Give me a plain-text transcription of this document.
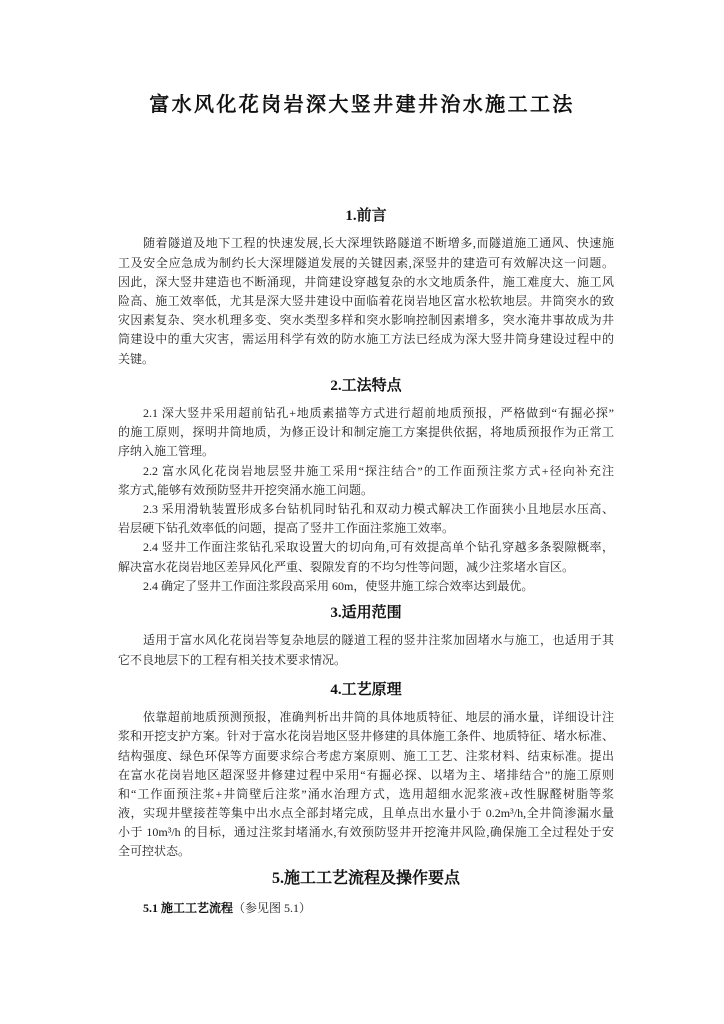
富水风化花岗岩深大竖井建井治水施工工法
1.前言
随着隧道及地下工程的快速发展,长大深埋铁路隧道不断增多,而隧道施工通风、快速施
工及安全应急成为制约长大深埋隧道发展的关键因素,深竖井的建造可有效解决这一问题。
因此，深大竖井建造也不断涌现，井筒建设穿越复杂的水文地质条件，施工难度大、施工风
险高、施工效率低，尤其是深大竖井建设中面临着花岗岩地区富水松软地层。井筒突水的致
灾因素复杂、突水机理多变、突水类型多样和突水影响控制因素增多，突水淹井事故成为井
筒建设中的重大灾害，需运用科学有效的防水施工方法已经成为深大竖井筒身建设过程中的
关键。
2.工法特点
2.1 深大竖井采用超前钻孔+地质素描等方式进行超前地质预报，严格做到“有掘必探”
的施工原则，探明井筒地质，为修正设计和制定施工方案提供依据，将地质预报作为正常工
序纳入施工管理。
2.2 富水风化花岗岩地层竖井施工采用“探注结合”的工作面预注浆方式+径向补充注
浆方式,能够有效预防竖井开挖突涌水施工问题。
2.3 采用滑轨装置形成多台钻机同时钻孔和双动力模式解决工作面狭小且地层水压高、
岩层硬下钻孔效率低的问题，提高了竖井工作面注浆施工效率。
2.4 竖井工作面注浆钻孔采取设置大的切向角,可有效提高单个钻孔穿越多条裂隙概率，
解决富水花岗岩地区差异风化严重、裂隙发育的不均匀性等问题，减少注浆堵水盲区。
2.4 确定了竖井工作面注浆段高采用 60m，使竖井施工综合效率达到最优。
3.适用范围
适用于富水风化花岗岩等复杂地层的隧道工程的竖井注浆加固堵水与施工，也适用于其
它不良地层下的工程有相关技术要求情况。
4.工艺原理
依靠超前地质预测预报，准确判析出井筒的具体地质特征、地层的涌水量，详细设计注
浆和开挖支护方案。针对于富水花岗岩地区竖井修建的具体施工条件、地质特征、堵水标准、
结构强度、绿色环保等方面要求综合考虑方案原则、施工工艺、注浆材料、结束标准。提出
在富水花岗岩地区超深竖井修建过程中采用“有掘必探、以堵为主、堵排结合”的施工原则
和“工作面预注浆+井筒壁后注浆”涌水治理方式，选用超细水泥浆液+改性脲醛树脂等浆
液，实现井壁接茬等集中出水点全部封堵完成，且单点出水量小于 0.2m³/h,全井筒渗漏水量
小于 10m³/h 的目标，通过注浆封堵涌水,有效预防竖井开挖淹井风险,确保施工全过程处于安
全可控状态。
5.施工工艺流程及操作要点
5.1 施工工艺流程（参见图 5.1）
